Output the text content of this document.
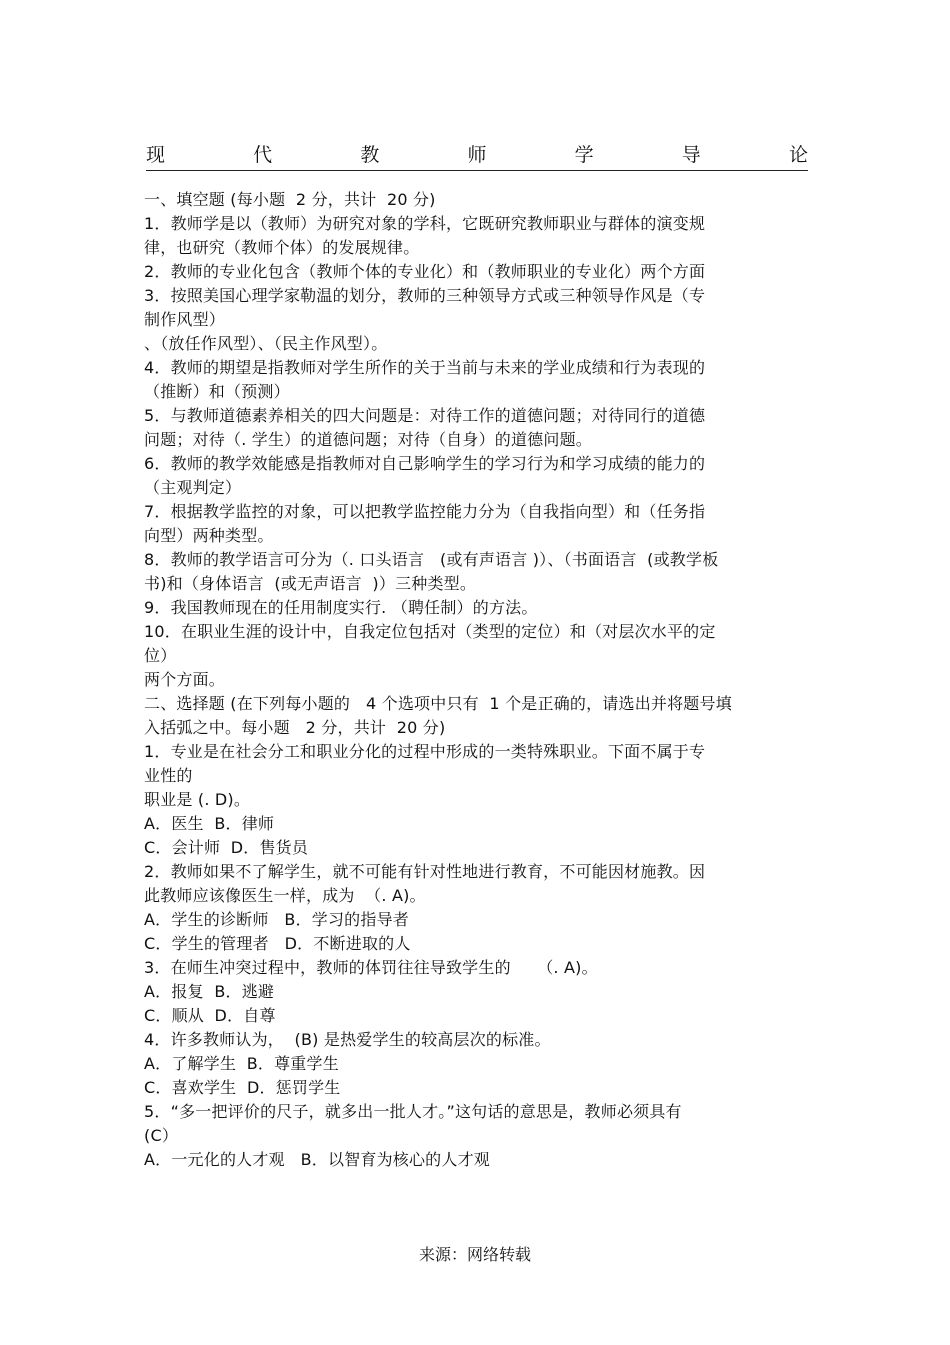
现	代	教	师	学	导	论
一、填空题 (每小题  2 分，共计  20 分)
1．教师学是以（教师）为研究对象的学科，它既研究教师职业与群体的演变规
律，也研究（教师个体）的发展规律。
2．教师的专业化包含（教师个体的专业化）和（教师职业的专业化）两个方面
3．按照美国心理学家勒温的划分，教师的三种领导方式或三种领导作风是（专
制作风型）
、（放任作风型）、（民主作风型）。
4．教师的期望是指教师对学生所作的关于当前与未来的学业成绩和行为表现的
（推断）和（预测）
5．与教师道德素养相关的四大问题是：对待工作的道德问题；对待同行的道德
问题；对待（. 学生）的道德问题；对待（自身）的道德问题。
6．教师的教学效能感是指教师对自己影响学生的学习行为和学习成绩的能力的
（主观判定）
7．根据教学监控的对象，可以把教学监控能力分为（自我指向型）和（任务指
向型）两种类型。
8．教师的教学语言可分为（. 口头语言   (或有声语言 )）、（书面语言  (或教学板
书)和（身体语言  (或无声语言  )）三种类型。
9．我国教师现在的任用制度实行. （聘任制）的方法。
10．在职业生涯的设计中，自我定位包括对（类型的定位）和（对层次水平的定
位）
两个方面。
二、选择题 (在下列每小题的   4 个选项中只有  1 个是正确的，请选出并将题号填
入括弧之中。每小题   2 分，共计  20 分)
1．专业是在社会分工和职业分化的过程中形成的一类特殊职业。下面不属于专
业性的
职业是 (. D)。
A．医生  B．律师
C．会计师  D．售货员
2．教师如果不了解学生，就不可能有针对性地进行教育，不可能因材施教。因
此教师应该像医生一样，成为  （. A)。
A．学生的诊断师   B．学习的指导者
C．学生的管理者   D．不断进取的人
3．在师生冲突过程中，教师的体罚往往导致学生的     （. A)。
A．报复  B．逃避
C．顺从  D．自尊
4．许多教师认为，  (B) 是热爱学生的较高层次的标准。
A．了解学生  B．尊重学生
C．喜欢学生  D．惩罚学生
5．“多一把评价的尺子，就多出一批人才。”这句话的意思是，教师必须具有
(C）
A．一元化的人才观   B．以智育为核心的人才观
来源：网络转载
